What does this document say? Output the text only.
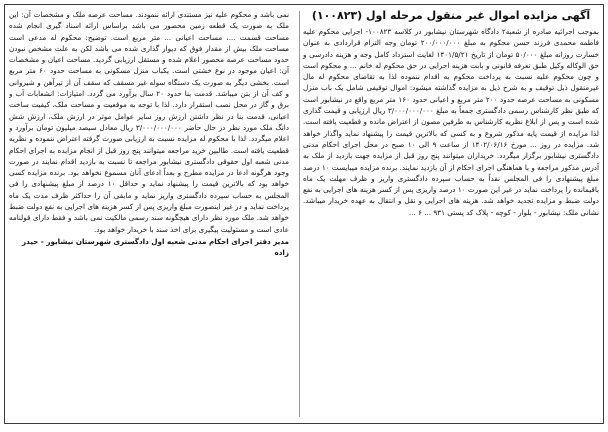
آگهی مزایده اموال غیر منقول مرحله اول (۱۰۰۸۲۳)

بموجب اجرائیه صادره از شعبه۲ دادگاه شهرستان نیشابور در کلاسه ۱۰۰۸۲۳- اجرایی محکوم علیه فاطمه محمدی فرزند حسن محکوم به مبلغ ۲۰۰/۰۰۰/۰۰۰ تومان وجه التزام قراردادی به عنوان خسارت روزانه مبلغ ۵۰/۰۰۰ تومان از تاریخ ۱۴۰۱/۵/۲۱ لغایت استرداد کامل وجه و هزینه دادرسی و حق الوکاله وکیل طبق تعرفه قانونی و بابت هزینه اجرایی در حق محکوم له خانم ... و محکوم است و چون محکوم علیه نسبت به پرداخت محکوم به اقدام ننموده لذا به تقاضای محکوم له مال غیرمنقول ذیل توقیف و به شرح ذیل به مزایده گذاشته میشود: اموال توقیفی شامل یک باب منزل مسکونی به مساحت عرصه حدود ۲۰۰ متر مربع و اعیانی حدود ۱۶۰ متر مربع واقع در نیشابور است که طبق نظر کارشناس رسمی دادگستری جمعاً به مبلغ ۳/۰۰۰/۰۰۰/۰۰۰ ریال ارزیابی و قیمت گذاری شده است و پس از ابلاغ نظریه کارشناس به طرفین مصون از اعتراض مانده و قطعیت یافته است. لذا مزایده از قیمت پایه مذکور شروع و به کسی که بالاترین قیمت را پیشنهاد نماید واگذار خواهد شد. مزایده در روز ... مورخ ۱۴۰۲/۰۶/۱۶ از ساعت ۹ الی ۱۰ صبح در محل اجرای احکام مدنی دادگستری نیشابور برگزار میگردد. خریداران میتوانند پنج روز قبل از مزایده جهت بازدید از ملک به آدرس مذکور مراجعه و با هماهنگی اجرای احکام از آن بازدید نمایند. برنده مزایده میبایست ۱۰ درصد مبلغ پیشنهادی را فی المجلس نقداً به حساب سپرده دادگستری واریز و ظرف مهلت یک ماه باقیمانده را پرداخت نماید در غیر این صورت ۱۰ درصد واریزی پس از کسر هزینه های اجرایی به نفع دولت ضبط و مزایده تجدید خواهد شد. هزینه های اجرایی و نقل و انتقال به عهده خریدار میباشد. نشانی ملک: نیشابور - بلوار - کوچه - پلاک کد پستی ۹۳۱ ... ۶ ...

نمی باشد و محکوم علیه نیز مستندی ارائه ننمودند. مساحت عرصه ملک و مشخصات آن: این ملک به صورت یک قطعه زمین محصور می باشد براساس ارائه اسناد گیری انجام شده مساحت قسمت ...، مساحت اعیانی ... متر مربع است. توضیح: محکوم له مدعی است مساحت ملک بیش از مقدار فوق که دیوار گذاری شده می باشد لکن به علت مشخص نبودن حدود مساحت عرصه محصور اعلام شده و مستقل ارزیابی گردید. مساحت اعیان و مشخصات آن: اعیان موجود در نوع خشتی است. یکباب منزل مسکونی به مساحت حدود ۶۰ متر مربع است. بخشی دیگر به صورت یک دستگاه سوله غیر مسقف که سقف آن از تیرآهن و شیروانی و کف آن از بتن میباشد. قدمت بنا حدود ۲۰ سال برآورد می گردد. امتیازات: انشعابات آب و برق و گاز در محل نصب استقرار دارد. لذا با توجه به موقعیت و مساحت ملک، کیفیت ساخت اعیانی، قدمت بنا در نظر داشتن ارزش روز سایر عوامل موثر در ارزش ملک، ارزش شش دانگ ملک مورد نظر در حال حاضر ۳/۰۰۰/۰۰۰/۰۰۰ ریال معادل سیصد میلیون تومان برآورد و اعلام میگردد. لذا با محکوم له مزایده نسبت به ارزیابی صورت گرفته اعتراض ننموده و نظریه قطعیت یافته است. طالبین خرید مراجعه میتوانند پنج روز قبل از انجام مزایده به اجرای احکام مدنی شعبه اول حقوقی دادگستری نیشابور مراجعه تا نسبت به بازدید اقدام نمایند در صورت وجود هرگونه ادعا در مزایده مطرح و بعداً ادعای آنان مسموع نخواهد بود. برنده مزایده کسی خواهد بود که بالاترین قیمت را پیشنهاد نماید و حداقل ۱۰ درصد از مبلغ پیشنهادی را فی المجلس به حساب سپرده دادگستری واریز نماید و مابقی آن را حداکثر ظرف مدت یک ماه پرداخت نماید و در غیر اینصورت مبلغ واریزی پس از کسر هزینه های اجرایی به نفع دولت ضبط خواهد شد. ملک مورد نظر دارای هیچگونه سند رسمی مالکیت نمی باشد و فقط دارای قولنامه عادی است و مسئولیت پیگیری برای اخذ سند با خریدار خواهد بود.

مدیر دفتر اجرای احکام مدنی شعبه اول دادگستری شهرستان نیشابور - حیدر زاده
